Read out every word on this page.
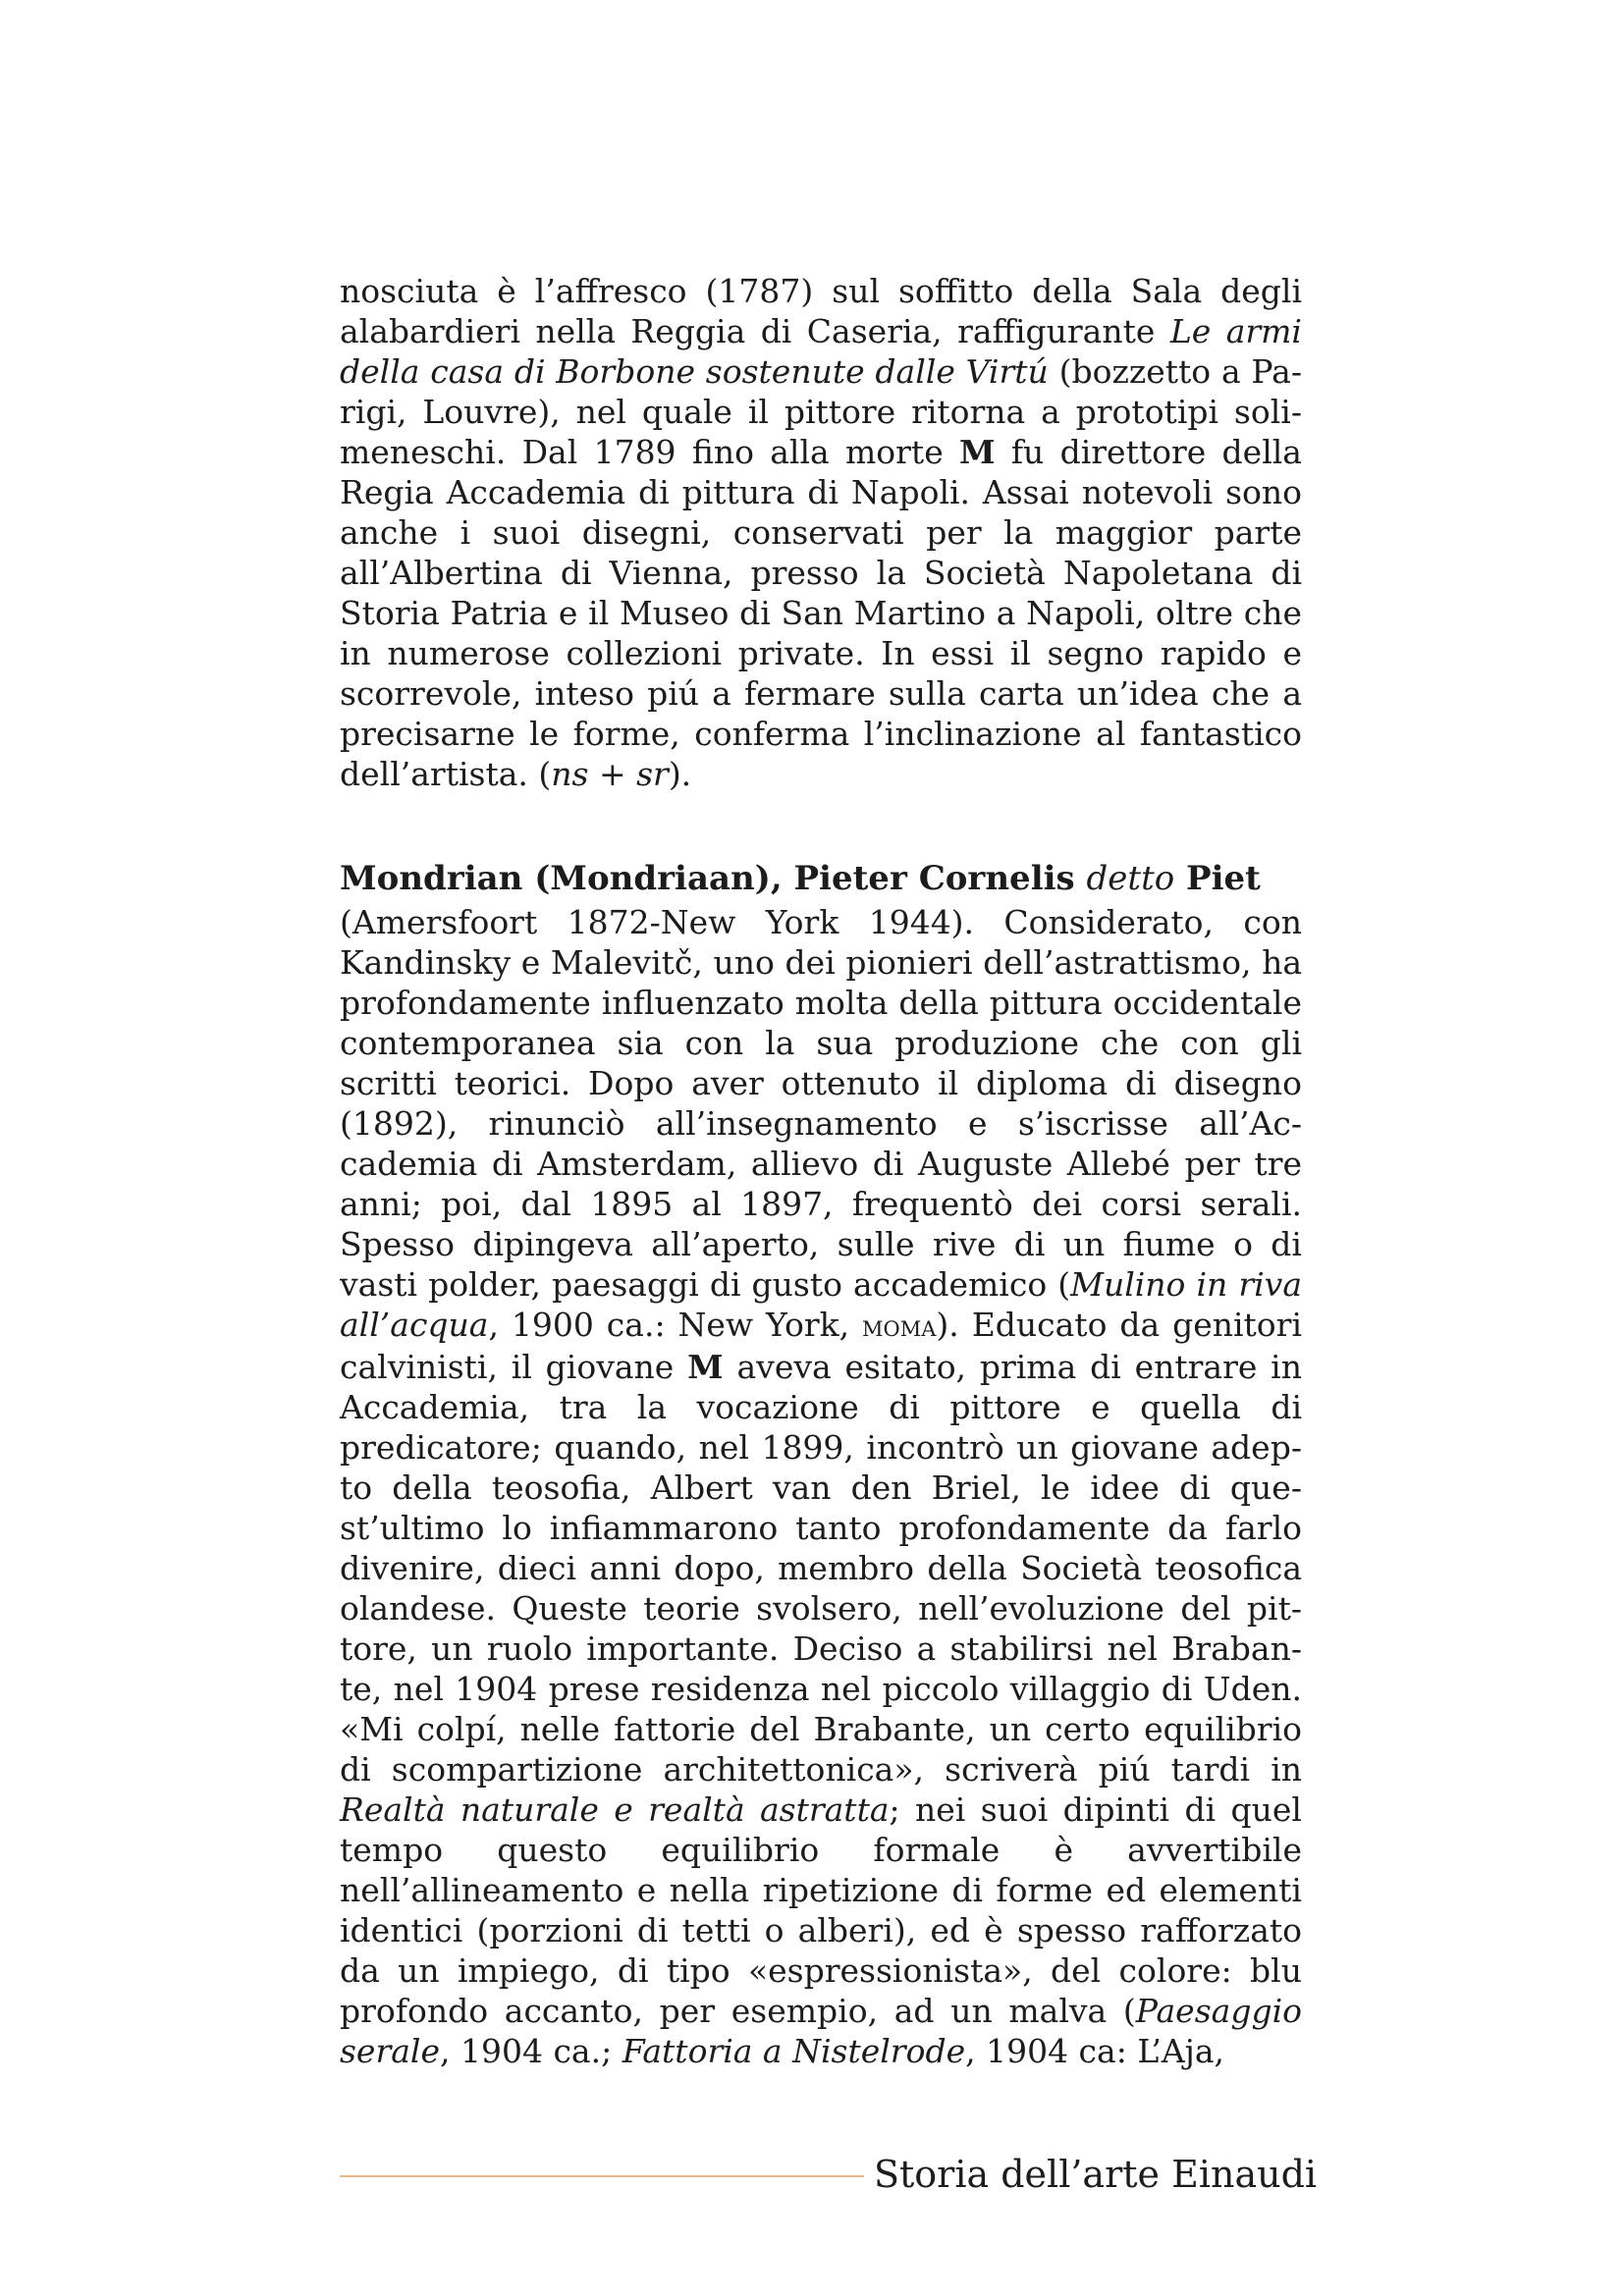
nosciuta è l’affresco (1787) sul soffitto della Sala degli alabardieri nella Reggia di Caseria, raffigurante Le armi della casa di Borbone sostenute dalle Virtú (bozzetto a Parigi, Louvre), nel quale il pittore ritorna a prototipi solimeneschi. Dal 1789 fino alla morte M fu direttore della Regia Accademia di pittura di Napoli. Assai notevoli sono anche i suoi disegni, conservati per la maggior parte all’Albertina di Vienna, presso la Società Napoletana di Storia Patria e il Museo di San Martino a Napoli, oltre che in numerose collezioni private. In essi il segno rapido e scorrevole, inteso piú a fermare sulla carta un’idea che a precisarne le forme, conferma l’inclinazione al fantastico dell’artista. (ns + sr).

Mondrian (Mondriaan), Pieter Cornelis detto Piet

(Amersfoort 1872-New York 1944). Considerato, con Kandinsky e Malevitč, uno dei pionieri dell’astrattismo, ha profondamente influenzato molta della pittura occidentale contemporanea sia con la sua produzione che con gli scritti teorici. Dopo aver ottenuto il diploma di disegno (1892), rinunciò all’insegnamento e s’iscrisse all’Accademia di Amsterdam, allievo di Auguste Allebé per tre anni; poi, dal 1895 al 1897, frequentò dei corsi serali. Spesso dipingeva all’aperto, sulle rive di un fiume o di vasti polder, paesaggi di gusto accademico (Mulino in riva all’acqua, 1900 ca.: New York, moma). Educato da genitori calvinisti, il giovane M aveva esitato, prima di entrare in Accademia, tra la vocazione di pittore e quella di predicatore; quando, nel 1899, incontrò un giovane adepto della teosofia, Albert van den Briel, le idee di quest’ultimo lo infiammarono tanto profondamente da farlo divenire, dieci anni dopo, membro della Società teosofica olandese. Queste teorie svolsero, nell’evoluzione del pittore, un ruolo importante. Deciso a stabilirsi nel Brabante, nel 1904 prese residenza nel piccolo villaggio di Uden. «Mi colpí, nelle fattorie del Brabante, un certo equilibrio di scompartizione architettonica», scriverà piú tardi in Realtà naturale e realtà astratta; nei suoi dipinti di quel tempo questo equilibrio formale è avvertibile nell’allineamento e nella ripetizione di forme ed elementi identici (porzioni di tetti o alberi), ed è spesso rafforzato da un impiego, di tipo «espressionista», del colore: blu profondo accanto, per esempio, ad un malva (Paesaggio serale, 1904 ca.; Fattoria a Nistelrode, 1904 ca: L’Aja,

Storia dell’arte Einaudi
